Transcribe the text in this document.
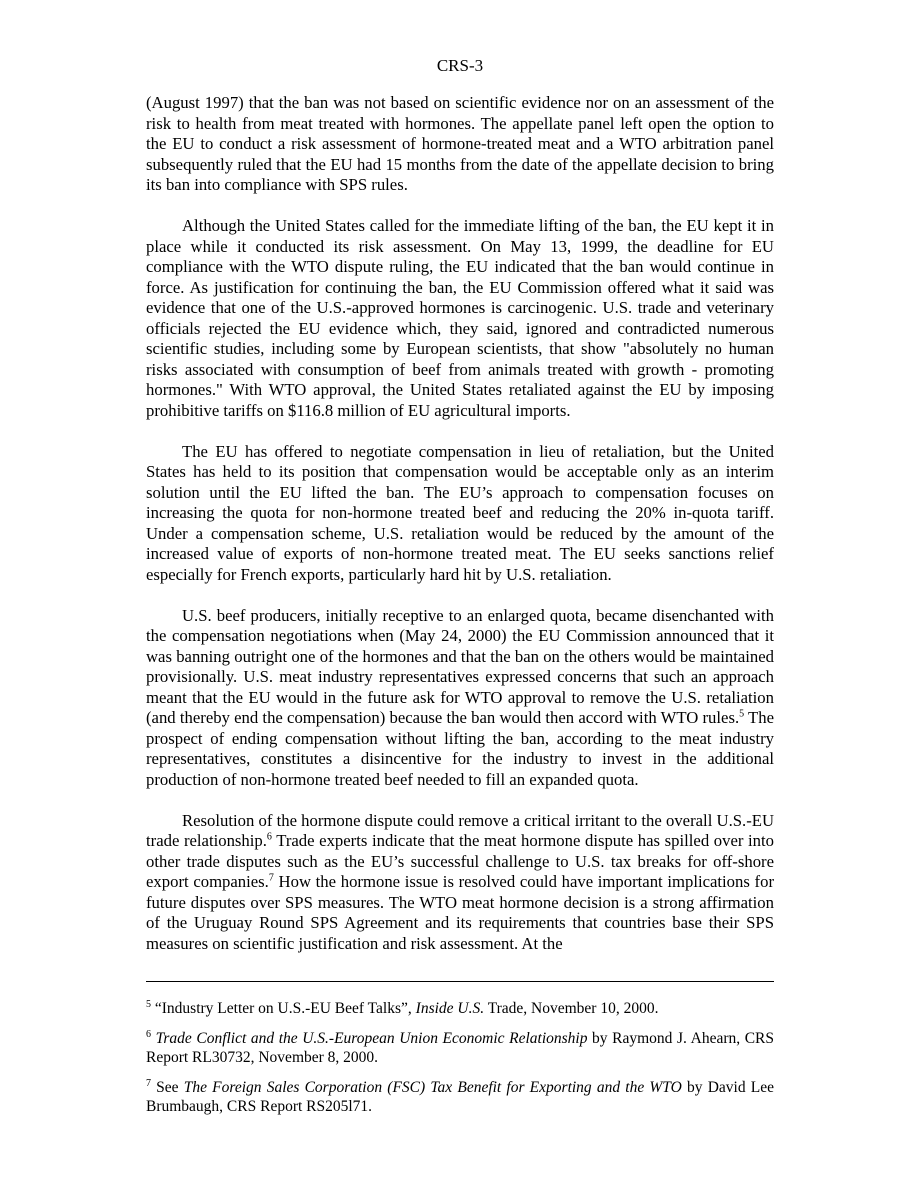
CRS-3

(August 1997) that the ban was not based on scientific evidence nor on an assessment of the risk to health from meat treated with hormones. The appellate panel left open the option to the EU to conduct a risk assessment of hormone-treated meat and a WTO arbitration panel subsequently ruled that the EU had 15 months from the date of the appellate decision to bring its ban into compliance with SPS rules.

Although the United States called for the immediate lifting of the ban, the EU kept it in place while it conducted its risk assessment. On May 13, 1999, the deadline for EU compliance with the WTO dispute ruling, the EU indicated that the ban would continue in force. As justification for continuing the ban, the EU Commission offered what it said was evidence that one of the U.S.-approved hormones is carcinogenic. U.S. trade and veterinary officials rejected the EU evidence which, they said, ignored and contradicted numerous scientific studies, including some by European scientists, that show "absolutely no human risks associated with consumption of beef from animals treated with growth - promoting hormones." With WTO approval, the United States retaliated against the EU by imposing prohibitive tariffs on $116.8 million of EU agricultural imports.

The EU has offered to negotiate compensation in lieu of retaliation, but the United States has held to its position that compensation would be acceptable only as an interim solution until the EU lifted the ban. The EU’s approach to compensation focuses on increasing the quota for non-hormone treated beef and reducing the 20% in-quota tariff. Under a compensation scheme, U.S. retaliation would be reduced by the amount of the increased value of exports of non-hormone treated meat. The EU seeks sanctions relief especially for French exports, particularly hard hit by U.S. retaliation.

U.S. beef producers, initially receptive to an enlarged quota, became disenchanted with the compensation negotiations when (May 24, 2000) the EU Commission announced that it was banning outright one of the hormones and that the ban on the others would be maintained provisionally. U.S. meat industry representatives expressed concerns that such an approach meant that the EU would in the future ask for WTO approval to remove the U.S. retaliation (and thereby end the compensation) because the ban would then accord with WTO rules.$^5$ The prospect of ending compensation without lifting the ban, according to the meat industry representatives, constitutes a disincentive for the industry to invest in the additional production of non-hormone treated beef needed to fill an expanded quota.

Resolution of the hormone dispute could remove a critical irritant to the overall U.S.-EU trade relationship.$^6$ Trade experts indicate that the meat hormone dispute has spilled over into other trade disputes such as the EU’s successful challenge to U.S. tax breaks for off-shore export companies.$^7$ How the hormone issue is resolved could have important implications for future disputes over SPS measures. The WTO meat hormone decision is a strong affirmation of the Uruguay Round SPS Agreement and its requirements that countries base their SPS measures on scientific justification and risk assessment. At the

$^5$ “Industry Letter on U.S.-EU Beef Talks”, Inside U.S. Trade, November 10, 2000.
$^6$ Trade Conflict and the U.S.-European Union Economic Relationship by Raymond J. Ahearn, CRS Report RL30732, November 8, 2000.
$^7$ See The Foreign Sales Corporation (FSC) Tax Benefit for Exporting and the WTO by David Lee Brumbaugh, CRS Report RS205l71.
